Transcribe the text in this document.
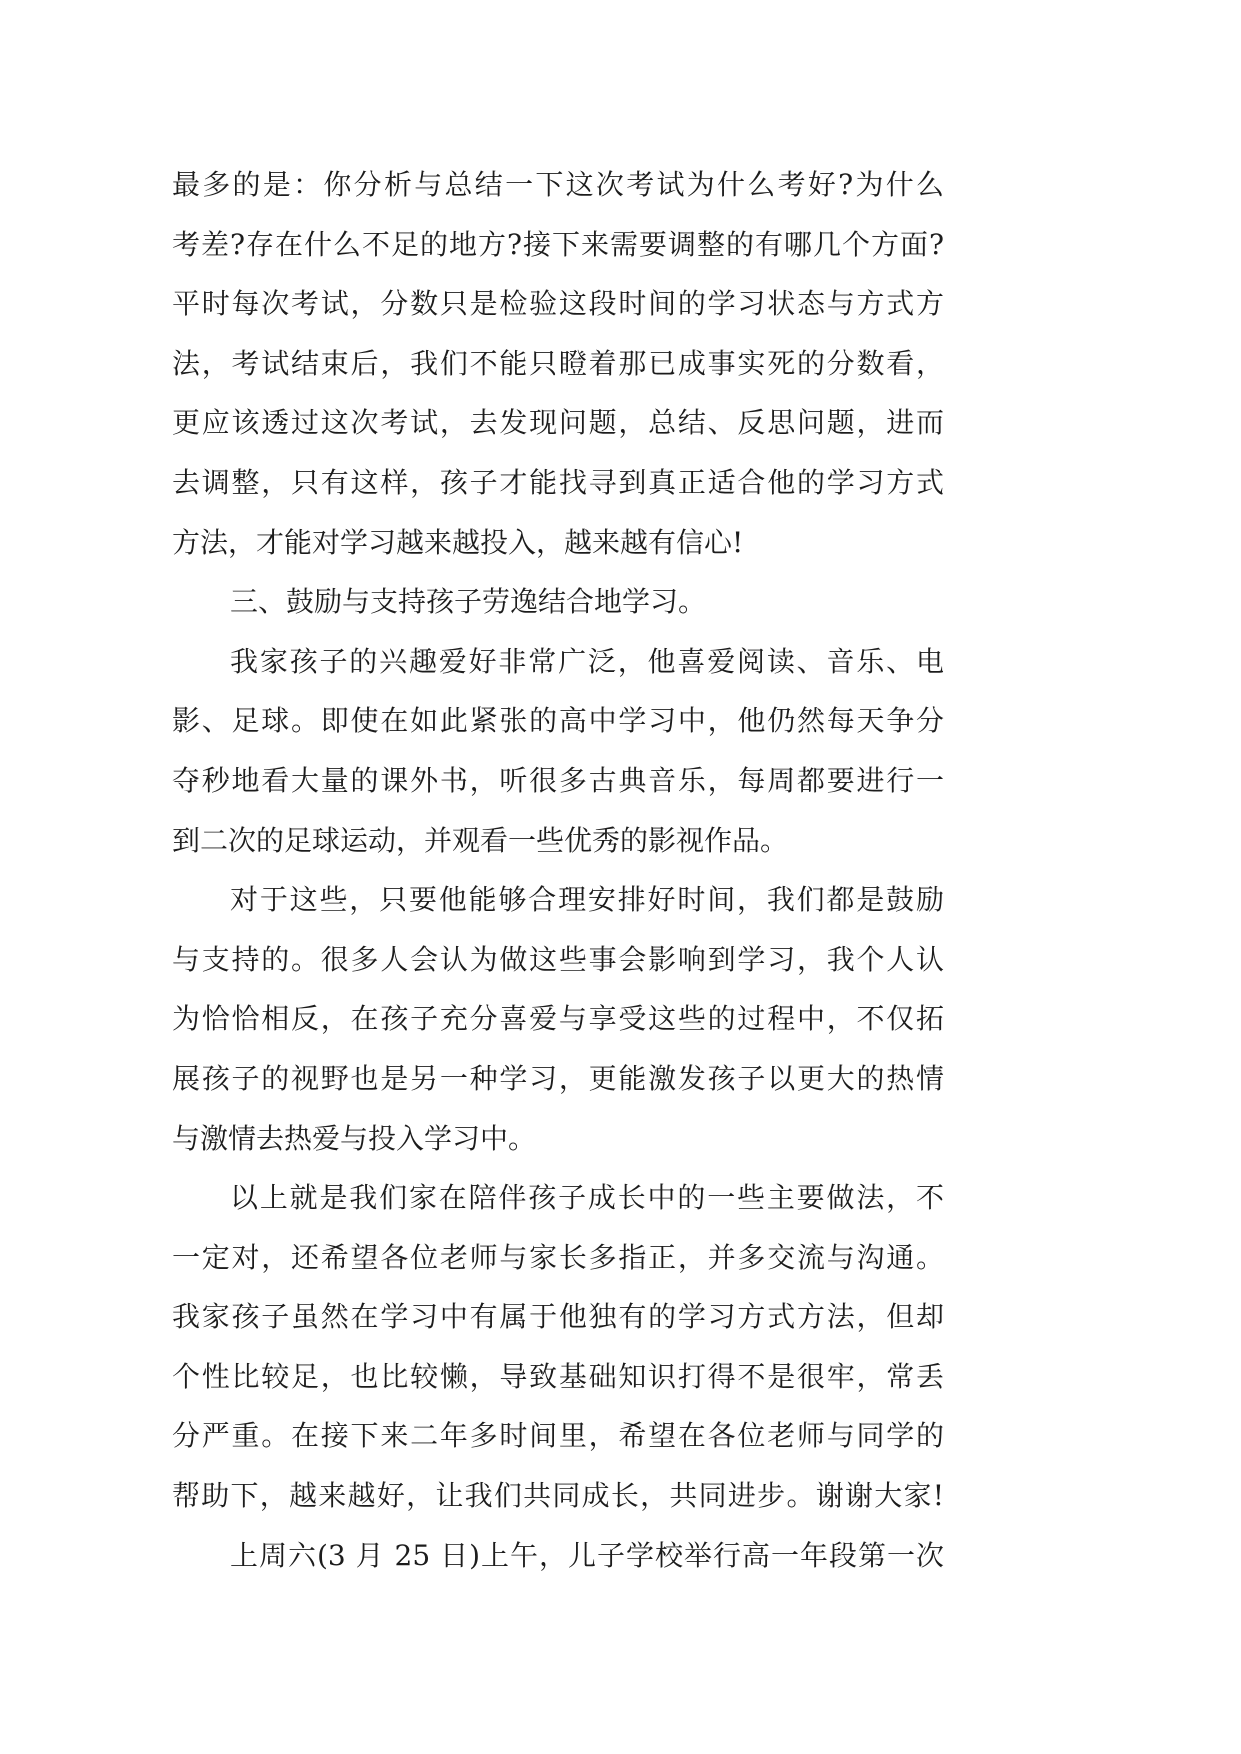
最多的是：你分析与总结一下这次考试为什么考好?为什么
考差?存在什么不足的地方?接下来需要调整的有哪几个方面?
平时每次考试，分数只是检验这段时间的学习状态与方式方
法，考试结束后，我们不能只瞪着那已成事实死的分数看，
更应该透过这次考试，去发现问题，总结、反思问题，进而
去调整，只有这样，孩子才能找寻到真正适合他的学习方式
方法，才能对学习越来越投入，越来越有信心!
三、鼓励与支持孩子劳逸结合地学习。
我家孩子的兴趣爱好非常广泛，他喜爱阅读、音乐、电
影、足球。即使在如此紧张的高中学习中，他仍然每天争分
夺秒地看大量的课外书，听很多古典音乐，每周都要进行一
到二次的足球运动，并观看一些优秀的影视作品。
对于这些，只要他能够合理安排好时间，我们都是鼓励
与支持的。很多人会认为做这些事会影响到学习，我个人认
为恰恰相反，在孩子充分喜爱与享受这些的过程中，不仅拓
展孩子的视野也是另一种学习，更能激发孩子以更大的热情
与激情去热爱与投入学习中。
以上就是我们家在陪伴孩子成长中的一些主要做法，不
一定对，还希望各位老师与家长多指正，并多交流与沟通。
我家孩子虽然在学习中有属于他独有的学习方式方法，但却
个性比较足，也比较懒，导致基础知识打得不是很牢，常丢
分严重。在接下来二年多时间里，希望在各位老师与同学的
帮助下，越来越好，让我们共同成长，共同进步。谢谢大家!
上周六(3 月 25 日)上午，儿子学校举行高一年段第一次
